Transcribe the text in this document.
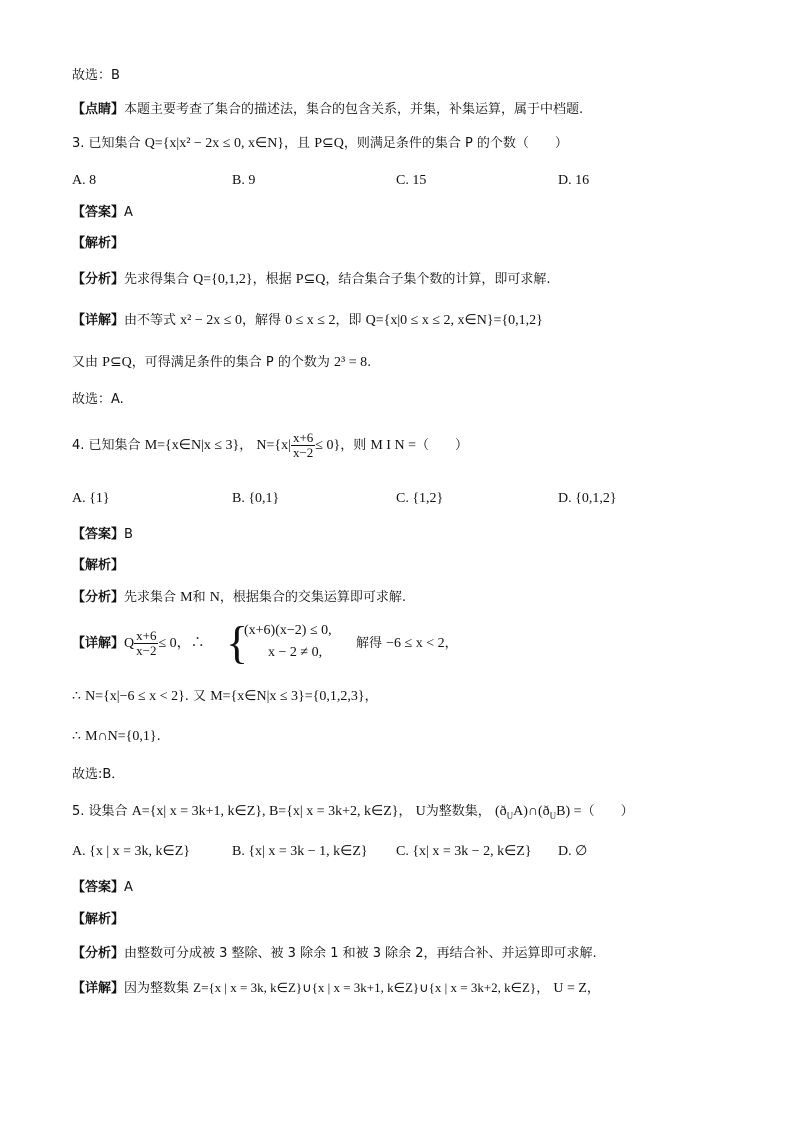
故选：B
【点睛】本题主要考查了集合的描述法，集合的包含关系，并集，补集运算，属于中档题.
3. 已知集合 Q={x|x² − 2x ≤ 0, x∈N}，且 P⊆Q，则满足条件的集合 P 的个数（　　）
A. 8	B. 9	C. 15	D. 16
【答案】A
【解析】
【分析】先求得集合 Q={0,1,2}，根据 P⊆Q，结合集合子集个数的计算，即可求解.
【详解】由不等式 x² − 2x ≤ 0，解得 0 ≤ x ≤ 2，即 Q={x|0 ≤ x ≤ 2, x∈N}={0,1,2}
又由 P⊆Q，可得满足条件的集合 P 的个数为 2³ = 8.
故选：A.
4. 已知集合 M={x∈N|x ≤ 3}， $N=\{x| \frac{x+6}{x-2} \le 0\}$，则 M I N =（　　）
A. {1}	B. {0,1}	C. {1,2}	D. {0,1,2}
【答案】B
【解析】
【分析】先求集合 M和 N，根据集合的交集运算即可求解.
【详解】Q $\frac{x+6}{x-2} \le 0$，∴ {
(x+6)(x−2) ≤ 0,
x − 2 ≠ 0,
解得 −6 ≤ x < 2，
∴ N={x|−6 ≤ x < 2}. 又 M={x∈N|x ≤ 3}={0,1,2,3}，
∴ M∩N={0,1}.
故选:B．
5. 设集合 A={x| x = 3k+1, k∈Z}, B={x| x = 3k+2, k∈Z}， U为整数集， $(ð_UA)\cap(ð_UB)$ =（　　）
A. {x | x = 3k, k∈Z}	B. {x| x = 3k − 1, k∈Z} C. {x| x = 3k − 2, k∈Z} D. ∅
【答案】A
【解析】
【分析】由整数可分成被 3 整除、被 3 除余 1 和被 3 除余 2，再结合补、并运算即可求解.
【详解】因为整数集 Z={x | x = 3k, k∈Z}∪{x | x = 3k+1, k∈Z}∪{x | x = 3k+2, k∈Z}， U = Z，
